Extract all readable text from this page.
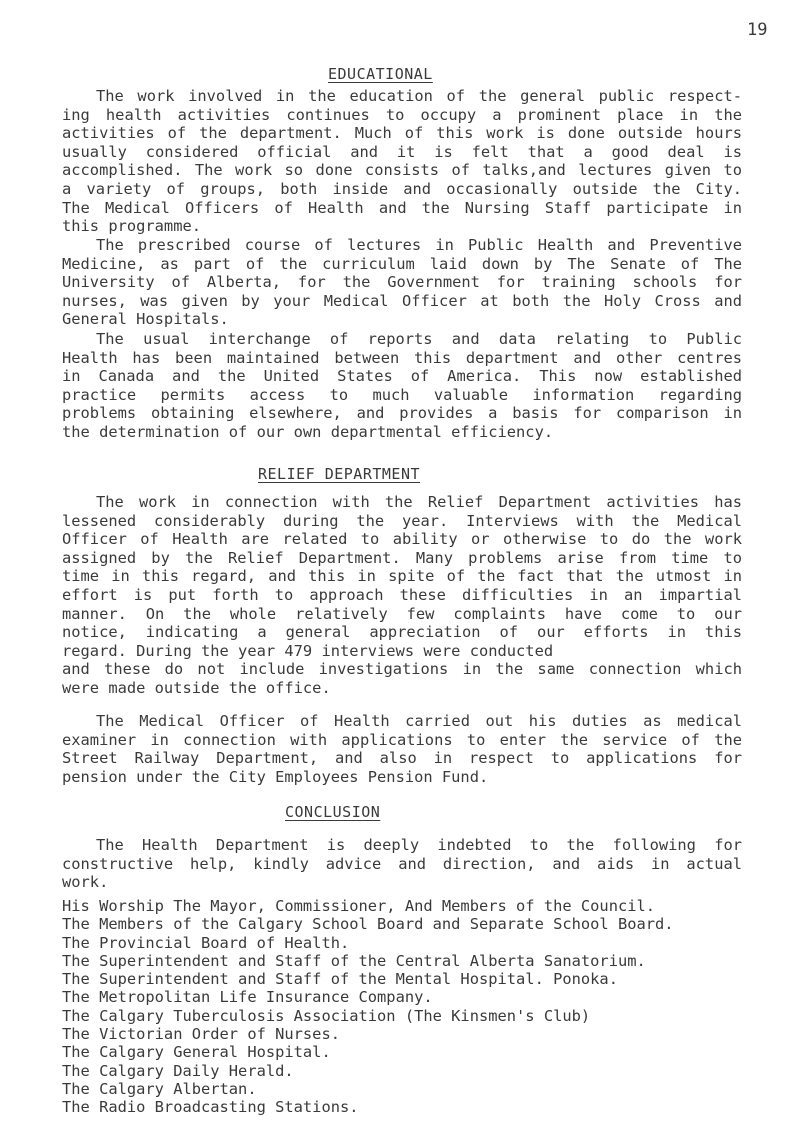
19
EDUCATIONAL
The work involved in the education of the general public respect-
ing health activities continues to occupy a prominent place in the
activities of the department. Much of this work is done outside hours
usually considered official and it is felt that a good deal is
accomplished. The work so done consists of talks,and lectures given to
a variety of groups, both inside and occasionally outside the City.
The Medical Officers of Health and the Nursing Staff participate in
this programme.
The prescribed course of lectures in Public Health and Preventive
Medicine, as part of the curriculum laid down by The Senate of The
University of Alberta, for the Government for training schools for
nurses, was given by your Medical Officer at both the Holy Cross and
General Hospitals.
The usual interchange of reports and data relating to Public
Health has been maintained between this department and other centres
in Canada and the United States of America. This now established
practice permits access to much valuable information regarding
problems obtaining elsewhere, and provides a basis for comparison in
the determination of our own departmental efficiency.
RELIEF DEPARTMENT
The work in connection with the Relief Department activities has
lessened considerably during the year. Interviews with the Medical
Officer of Health are related to ability or otherwise to do the work
assigned by the Relief Department. Many problems arise from time to
time in this regard, and this in spite of the fact that the utmost in
effort is put forth to approach these difficulties in an impartial
manner. On the whole relatively few complaints have come to our
notice, indicating a general appreciation of our efforts in this
regard. During the year 479 interviews were conducted
and these do not include investigations in the same connection which
were made outside the office.
The Medical Officer of Health carried out his duties as medical
examiner in connection with applications to enter the service of the
Street Railway Department, and also in respect to applications for
pension under the City Employees Pension Fund.
CONCLUSION
The Health Department is deeply indebted to the following for
constructive help, kindly advice and direction, and aids in actual
work.
His Worship The Mayor, Commissioner, And Members of the Council.
The Members of the Calgary School Board and Separate School Board.
The Provincial Board of Health.
The Superintendent and Staff of the Central Alberta Sanatorium.
The Superintendent and Staff of the Mental Hospital. Ponoka.
The Metropolitan Life Insurance Company.
The Calgary Tuberculosis Association (The Kinsmen's Club)
The Victorian Order of Nurses.
The Calgary General Hospital.
The Calgary Daily Herald.
The Calgary Albertan.
The Radio Broadcasting Stations.
